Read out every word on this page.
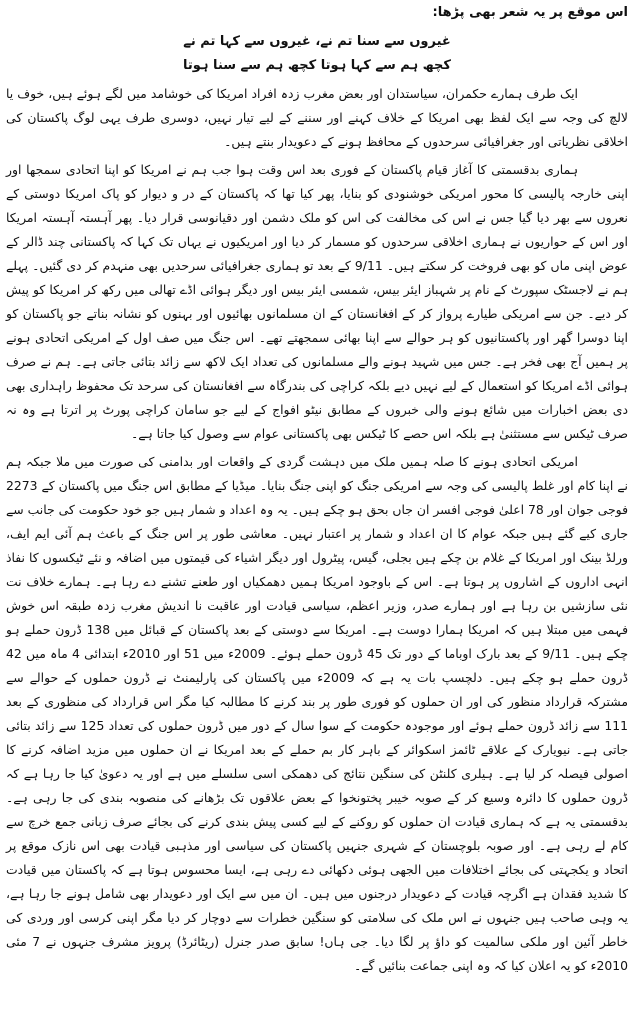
اس موقع پر یہ شعر بھی پڑھا:

غیروں سے سنا تم نے، غیروں سے کہا تم نے
کچھ ہم سے کہا ہوتا کچھ ہم سے سنا ہوتا

ایک طرف ہمارے حکمران، سیاستدان اور بعض مغرب زدہ افراد امریکا کی خوشامد میں لگے ہوئے ہیں، خوف یا لالچ کی وجہ سے ایک لفظ بھی امریکا کے خلاف کہنے اور سننے کے لیے تیار نہیں، دوسری طرف یہی لوگ پاکستان کی اخلاقی نظریاتی اور جغرافیائی سرحدوں کے محافظ ہونے کے دعویدار بنتے ہیں۔

ہماری بدقسمتی کا آغاز قیام پاکستان کے فوری بعد اس وقت ہوا جب ہم نے امریکا کو اپنا اتحادی سمجھا اور اپنی خارجہ پالیسی کا محور امریکی خوشنودی کو بنایا، پھر کیا تھا کہ پاکستان کے در و دیوار کو پاک امریکا دوستی کے نعروں سے بھر دیا گیا جس نے اس کی مخالفت کی اس کو ملک دشمن اور دقیانوسی قرار دیا۔ پھر آہستہ آہستہ امریکا اور اس کے حواریوں نے ہماری اخلاقی سرحدوں کو مسمار کر دیا اور امریکیوں نے یہاں تک کہا کہ پاکستانی چند ڈالر کے عوض اپنی ماں کو بھی فروخت کر سکتے ہیں۔ 9/11 کے بعد تو ہماری جغرافیائی سرحدیں بھی منہدم کر دی گئیں۔ پہلے ہم نے لاجسٹک سپورٹ کے نام پر شہباز ایئر بیس، شمسی ایئر بیس اور دیگر ہوائی اڈے تھالی میں رکھ کر امریکا کو پیش کر دیے۔ جن سے امریکی طیارے پرواز کر کے افغانستان کے ان مسلمانوں بھائیوں اور بہنوں کو نشانہ بناتے جو پاکستان کو اپنا دوسرا گھر اور پاکستانیوں کو ہر حوالے سے اپنا بھائی سمجھتے تھے۔ اس جنگ میں صف اول کے امریکی اتحادی ہونے پر ہمیں آج بھی فخر ہے۔ جس میں شہید ہونے والے مسلمانوں کی تعداد ایک لاکھ سے زائد بتائی جاتی ہے۔ ہم نے صرف ہوائی اڈے امریکا کو استعمال کے لیے نہیں دیے بلکہ کراچی کی بندرگاہ سے افغانستان کی سرحد تک محفوظ راہداری بھی دی بعض اخبارات میں شائع ہونے والی خبروں کے مطابق نیٹو افواج کے لیے جو سامان کراچی پورٹ پر اترتا ہے وہ نہ صرف ٹیکس سے مستثنیٰ ہے بلکہ اس حصے کا ٹیکس بھی پاکستانی عوام سے وصول کیا جاتا ہے۔

امریکی اتحادی ہونے کا صلہ ہمیں ملک میں دہشت گردی کے واقعات اور بدامنی کی صورت میں ملا جبکہ ہم نے اپنا کام اور غلط پالیسی کی وجہ سے امریکی جنگ کو اپنی جنگ بنایا۔ میڈیا کے مطابق اس جنگ میں پاکستان کے 2273 فوجی جوان اور 78 اعلیٰ فوجی افسر ان جاں بحق ہو چکے ہیں۔ یہ وہ اعداد و شمار ہیں جو خود حکومت کی جانب سے جاری کیے گئے ہیں جبکہ عوام کا ان اعداد و شمار پر اعتبار نہیں۔ معاشی طور پر اس جنگ کے باعث ہم آئی ایم ایف، ورلڈ بینک اور امریکا کے غلام بن چکے ہیں بجلی، گیس، پیٹرول اور دیگر اشیاء کی قیمتوں میں اضافہ و نئے ٹیکسوں کا نفاذ انہی اداروں کے اشاروں پر ہوتا ہے۔ اس کے باوجود امریکا ہمیں دھمکیاں اور طعنے تشنے دے رہا ہے۔ ہمارے خلاف نت نئی سازشیں بن رہا ہے اور ہمارے صدر، وزیر اعظم، سیاسی قیادت اور عاقبت نا اندیش مغرب زدہ طبقہ اس خوش فہمی میں مبتلا ہیں کہ امریکا ہمارا دوست ہے۔ امریکا سے دوستی کے بعد پاکستان کے قبائل میں 138 ڈرون حملے ہو چکے ہیں۔ 9/11 کے بعد بارک اوباما کے دور تک 45 ڈرون حملے ہوئے۔ 2009ء میں 51 اور 2010ء ابتدائی 4 ماہ میں 42 ڈرون حملے ہو چکے ہیں۔ دلچسپ بات یہ ہے کہ 2009ء میں پاکستان کی پارلیمنٹ نے ڈرون حملوں کے حوالے سے مشترکہ قرارداد منظور کی اور ان حملوں کو فوری طور پر بند کرنے کا مطالبہ کیا مگر اس قرارداد کی منظوری کے بعد 111 سے زائد ڈرون حملے ہوئے اور موجودہ حکومت کے سوا سال کے دور میں ڈرون حملوں کی تعداد 125 سے زائد بتائی جاتی ہے۔ نیویارک کے علاقے ٹائمز اسکوائر کے باہر کار بم حملے کے بعد امریکا نے ان حملوں میں مزید اضافہ کرنے کا اصولی فیصلہ کر لیا ہے۔ ہیلری کلنٹن کی سنگین نتائج کی دھمکی اسی سلسلے میں ہے اور یہ دعویٰ کیا جا رہا ہے کہ ڈرون حملوں کا دائرہ وسیع کر کے صوبہ خیبر پختونخوا کے بعض علاقوں تک بڑھانے کی منصوبہ بندی کی جا رہی ہے۔ بدقسمتی یہ ہے کہ ہماری قیادت ان حملوں کو روکنے کے لیے کسی پیش بندی کرنے کی بجائے صرف زبانی جمع خرچ سے کام لے رہی ہے۔ اور صوبہ بلوچستان کے شہری جنہیں پاکستان کی سیاسی اور مذہبی قیادت بھی اس نازک موقع پر اتحاد و یکجہتی کی بجائے اختلافات میں الجھی ہوئی دکھائی دے رہی ہے، ایسا محسوس ہوتا ہے کہ پاکستان میں قیادت کا شدید فقدان ہے اگرچہ قیادت کے دعویدار درجنوں میں ہیں۔ ان میں سے ایک اور دعویدار بھی شامل ہونے جا رہا ہے، یہ وہی صاحب ہیں جنہوں نے اس ملک کی سلامتی کو سنگین خطرات سے دوچار کر دیا مگر اپنی کرسی اور وردی کی خاطر آئین اور ملکی سالمیت کو داؤ پر لگا دیا۔ جی ہاں! سابق صدر جنرل (ریٹائرڈ) پرویز مشرف جنہوں نے 7 مئی 2010ء کو یہ اعلان کیا کہ وہ اپنی جماعت بنائیں گے۔
